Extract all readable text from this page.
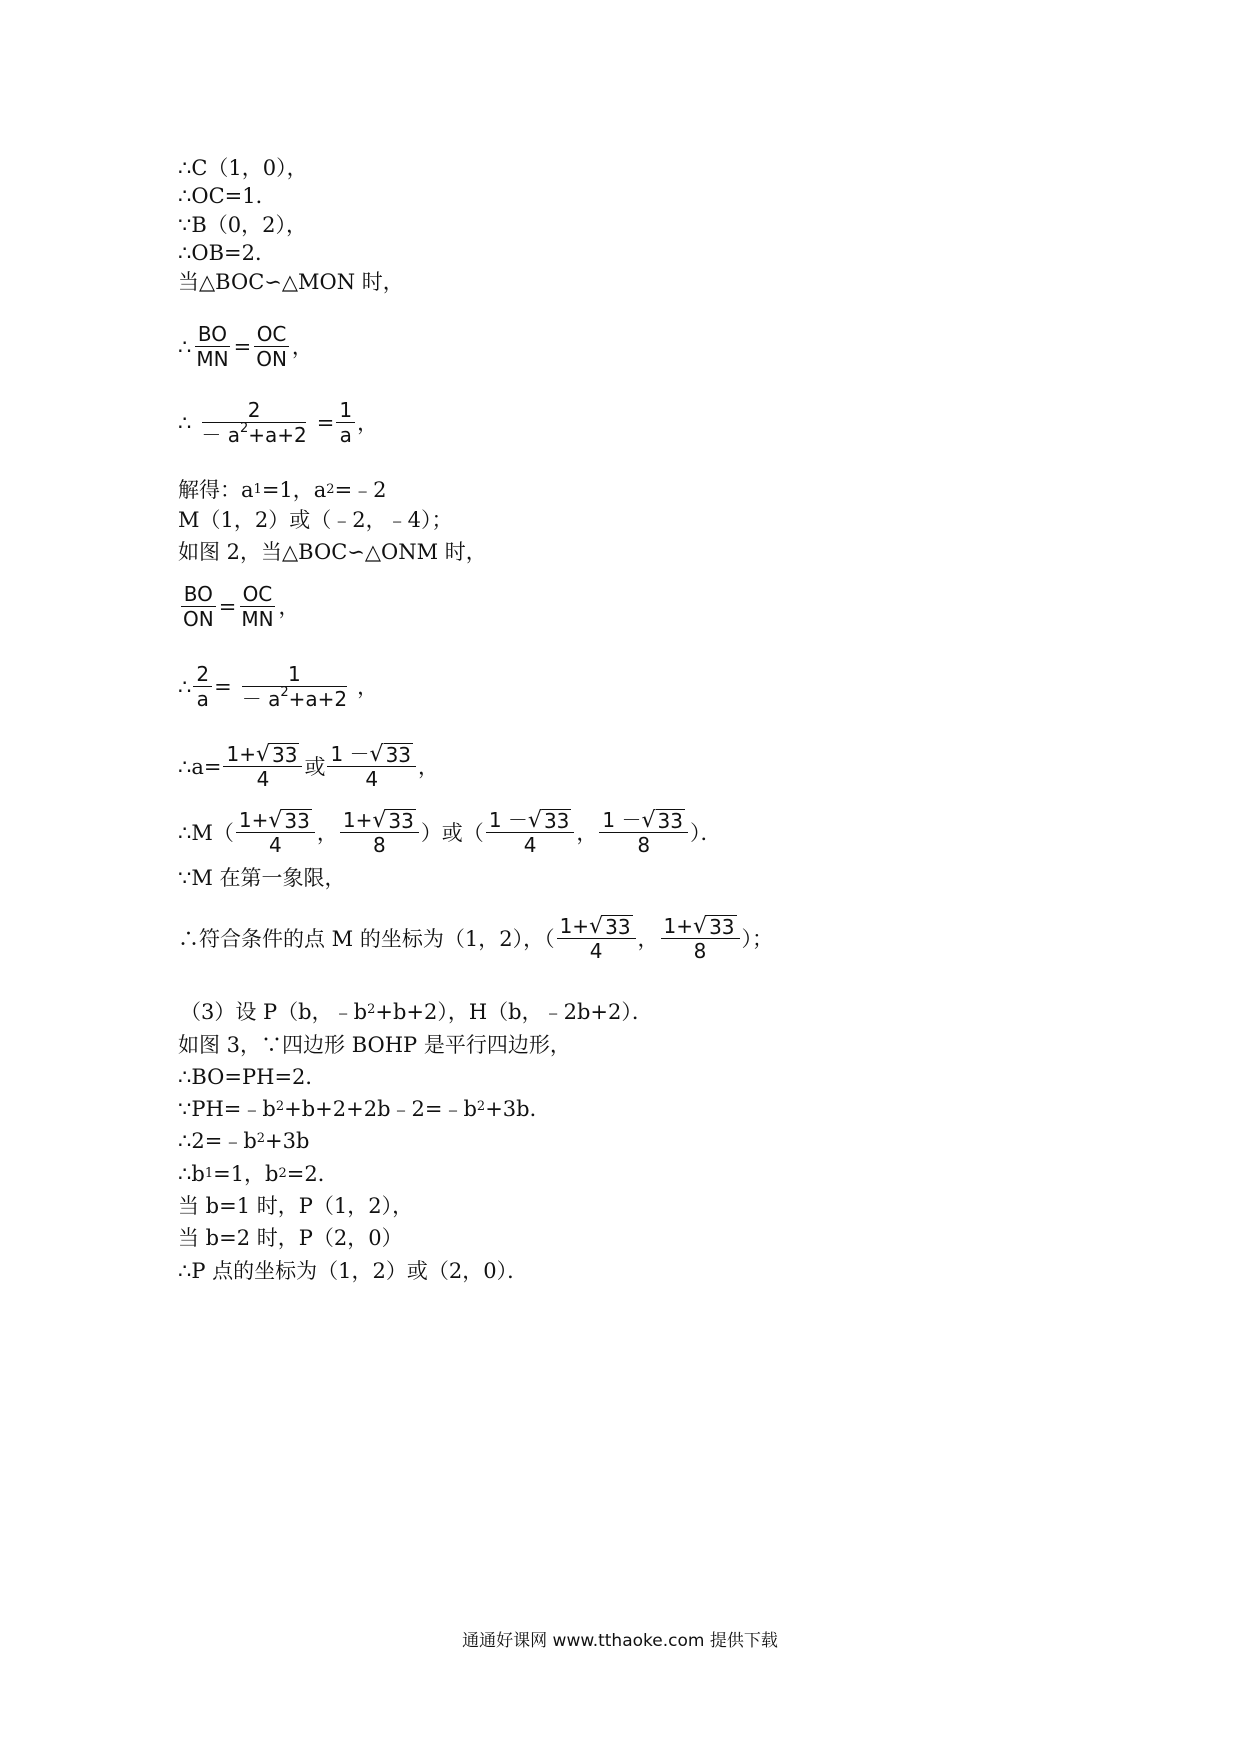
∴C（1，0），
∴OC=1．
∵B（0，2），
∴OB=2．
当△BOC∽△MON 时，
∴ $\frac{BO}{MN} = \frac{OC}{ON}$ ，
∴ $\frac{2}{- a^2+a+2} = \frac{1}{a}$ ，
解得：a 1 =1，a 2 =﹣2
M（1，2）或（﹣2，﹣4）；
如图 2，当△BOC∽△ONM 时，
$\frac{BO}{ON} = \frac{OC}{MN}$ ，
∴ $\frac{2}{a} = \frac{1}{- a^2+a+2}$ ，
∴a= $\frac{1+ √ 33}{4}$ 或 $\frac{1 - √ 33}{4}$ ，
∴M（ $\frac{1+ √ 33}{4}$ ， $\frac{1+ √ 33}{8}$ ）或（ $\frac{1 - √ 33}{4}$ ， $\frac{1 - √ 33}{8}$ ）．
∵M 在第一象限，
∴符合条件的点 M 的坐标为（1，2），（ $\frac{1+ √ 33}{4}$ ， $\frac{1+ √ 33}{8}$ ）；
（3）设 P（b，$﹣b^2 +b+2$），H（b，﹣2b+2）．
如图 3，∵四边形 BOHP 是平行四边形，
∴BO=PH=2．
$\because PH=﹣b^2$ $+b+2+2b﹣2=﹣b^2 +3b$．
$\therefore 2=﹣b^2 +3b$
∴b 1 =1，b 2 =2．
当 b=1 时，P（1，2），
当 b=2 时，P（2，0）
∴P 点的坐标为（1，2）或（2，0）．
通通好课网 www.tthaoke.com 提供下载
